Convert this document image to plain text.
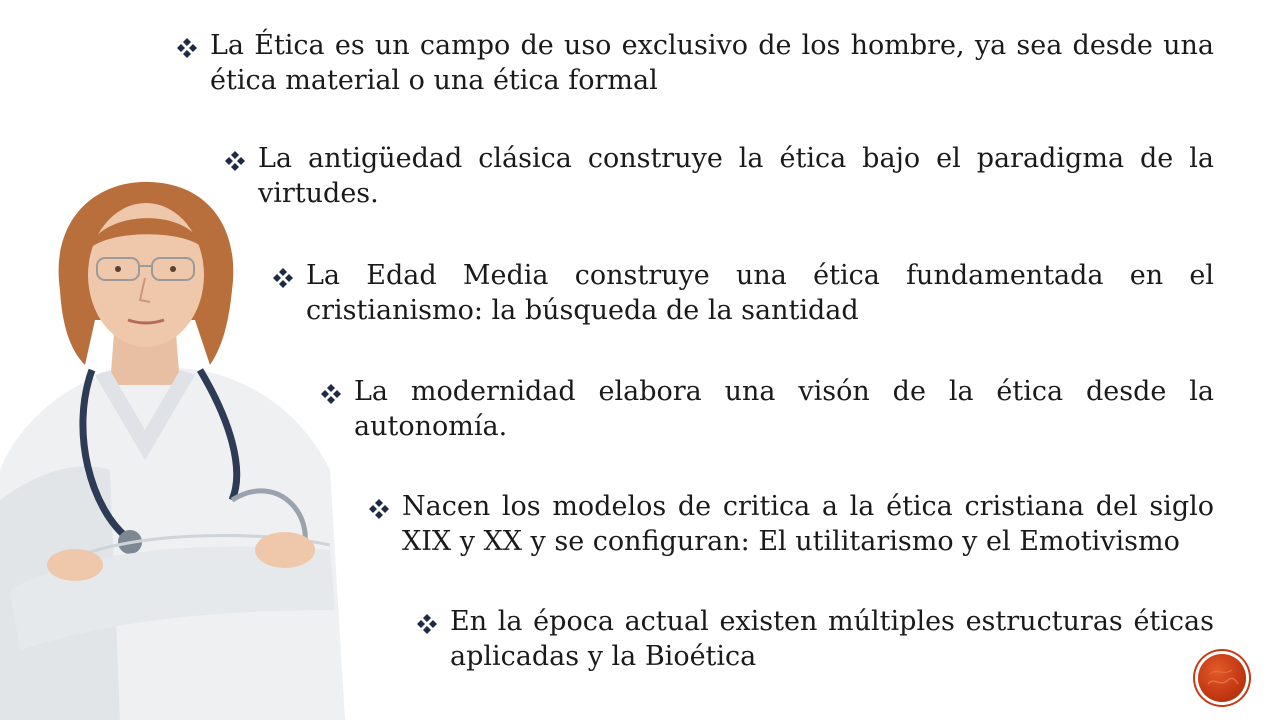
La Ética es un campo de uso exclusivo de los hombre, ya sea desde una ética material o una ética formal
La antigüedad clásica construye la ética bajo el paradigma de la virtudes.
La Edad Media construye una ética fundamentada en el cristianismo: la búsqueda de la santidad
La modernidad elabora una visón de la ética desde la autonomía.
Nacen los modelos de critica a la ética cristiana del siglo XIX y XX y se configuran: El utilitarismo y el Emotivismo
En la época actual existen múltiples estructuras éticas aplicadas y la Bioética
